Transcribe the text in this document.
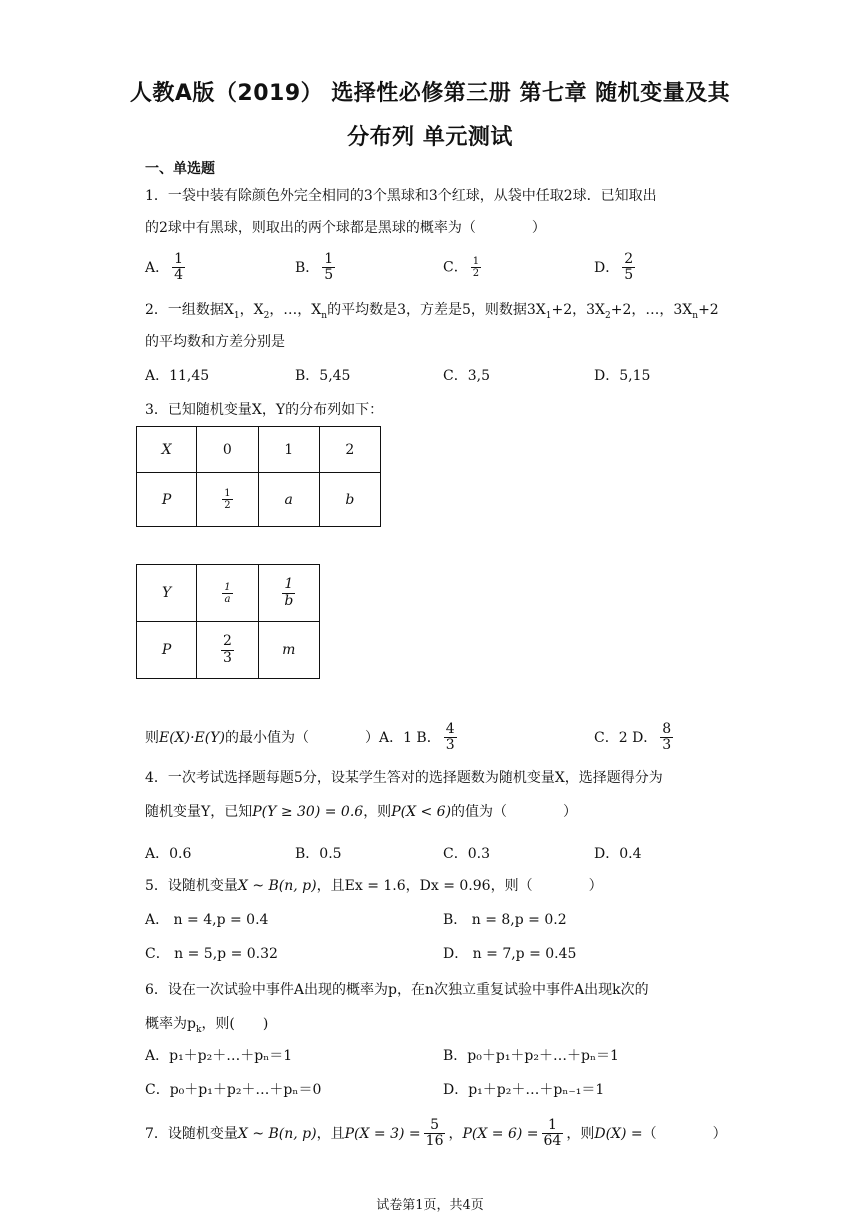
人教A版（2019） 选择性必修第三册 第七章 随机变量及其
分布列 单元测试
一、单选题
1．一袋中装有除颜色外完全相同的3个黑球和3个红球，从袋中任取2球．已知取出
的2球中有黑球，则取出的两个球都是黑球的概率为（　　　　）
A． $\frac{1}{4}$	B． $\frac{1}{5}$	C． $\frac{1}{2}$	D． $\frac{2}{5}$
2．一组数据$X_1$，$X_2$，…，$X_n$的平均数是3，方差是5，则数据$3X_1+2$，$3X_2+2$，…，$3X_n+2$
的平均数和方差分别是
A．11,45	B．5,45	C．3,5	D．5,15
3．已知随机变量X，Y的分布列如下：
X	0	1	2
P	$\frac{1}{2}$	a	b
Y	$\frac{1}{a}$	$\frac{1}{b}$

P	$\frac{2}{3}$	m
则E(X)·E(Y)的最小值为（　　　　）A．1 B． $\frac{4}{3}$	C．2 D． $\frac{8}{3}$
4．一次考试选择题每题5分，设某学生答对的选择题数为随机变量X，选择题得分为
随机变量Y，已知P(Y ≥ 30) = 0.6，则P(X < 6)的值为（　　　　）
A．0.6	B．0.5	C．0.3	D．0.4
5．设随机变量X ~ B(n, p)，且Ex = 1.6，Dx = 0.96，则（　　　　）
A． n = 4,p = 0.4	B． n = 8,p = 0.2
C． n = 5,p = 0.32	D． n = 7,p = 0.45
6．设在一次试验中事件A出现的概率为p，在n次独立重复试验中事件A出现k次的
概率为$p_k$，则(　　)
A．p₁＋p₂＋…＋pₙ＝1	B．p₀＋p₁＋p₂＋…＋pₙ＝1
C．p₀＋p₁＋p₂＋…＋pₙ＝0	D．p₁＋p₂＋…＋pₙ₋₁＝1
7．设随机变量X ~ B(n, p)，且$P(X = 3) = \frac{5}{16}$ ，$P(X = 6) = \frac{1}{64}$ ，则D(X) =（　　　　）
试卷第1页，共4页
